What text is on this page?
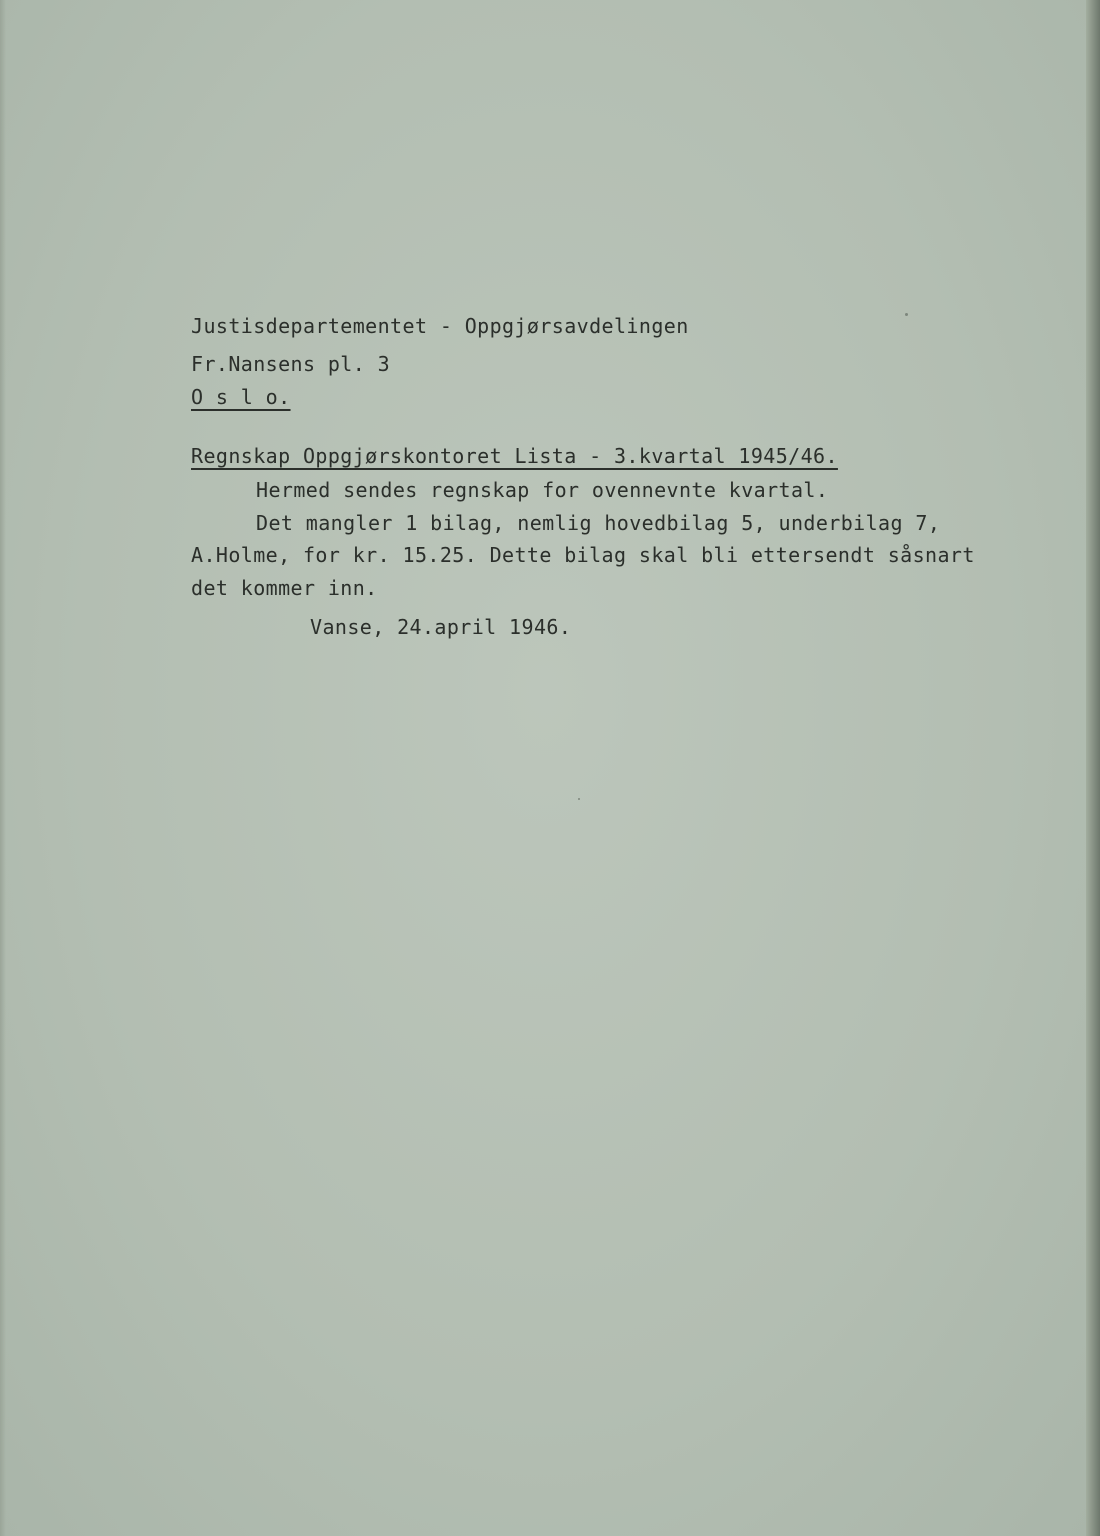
Justisdepartementet - Oppgjørsavdelingen
Fr.Nansens pl. 3
O s l o.
Regnskap Oppgjørskontoret Lista - 3.kvartal 1945/46.
Hermed sendes regnskap for ovennevnte kvartal.
Det mangler 1 bilag, nemlig hovedbilag 5, underbilag 7,
A.Holme, for kr. 15.25. Dette bilag skal bli ettersendt såsnart
det kommer inn.
Vanse, 24.april 1946.
